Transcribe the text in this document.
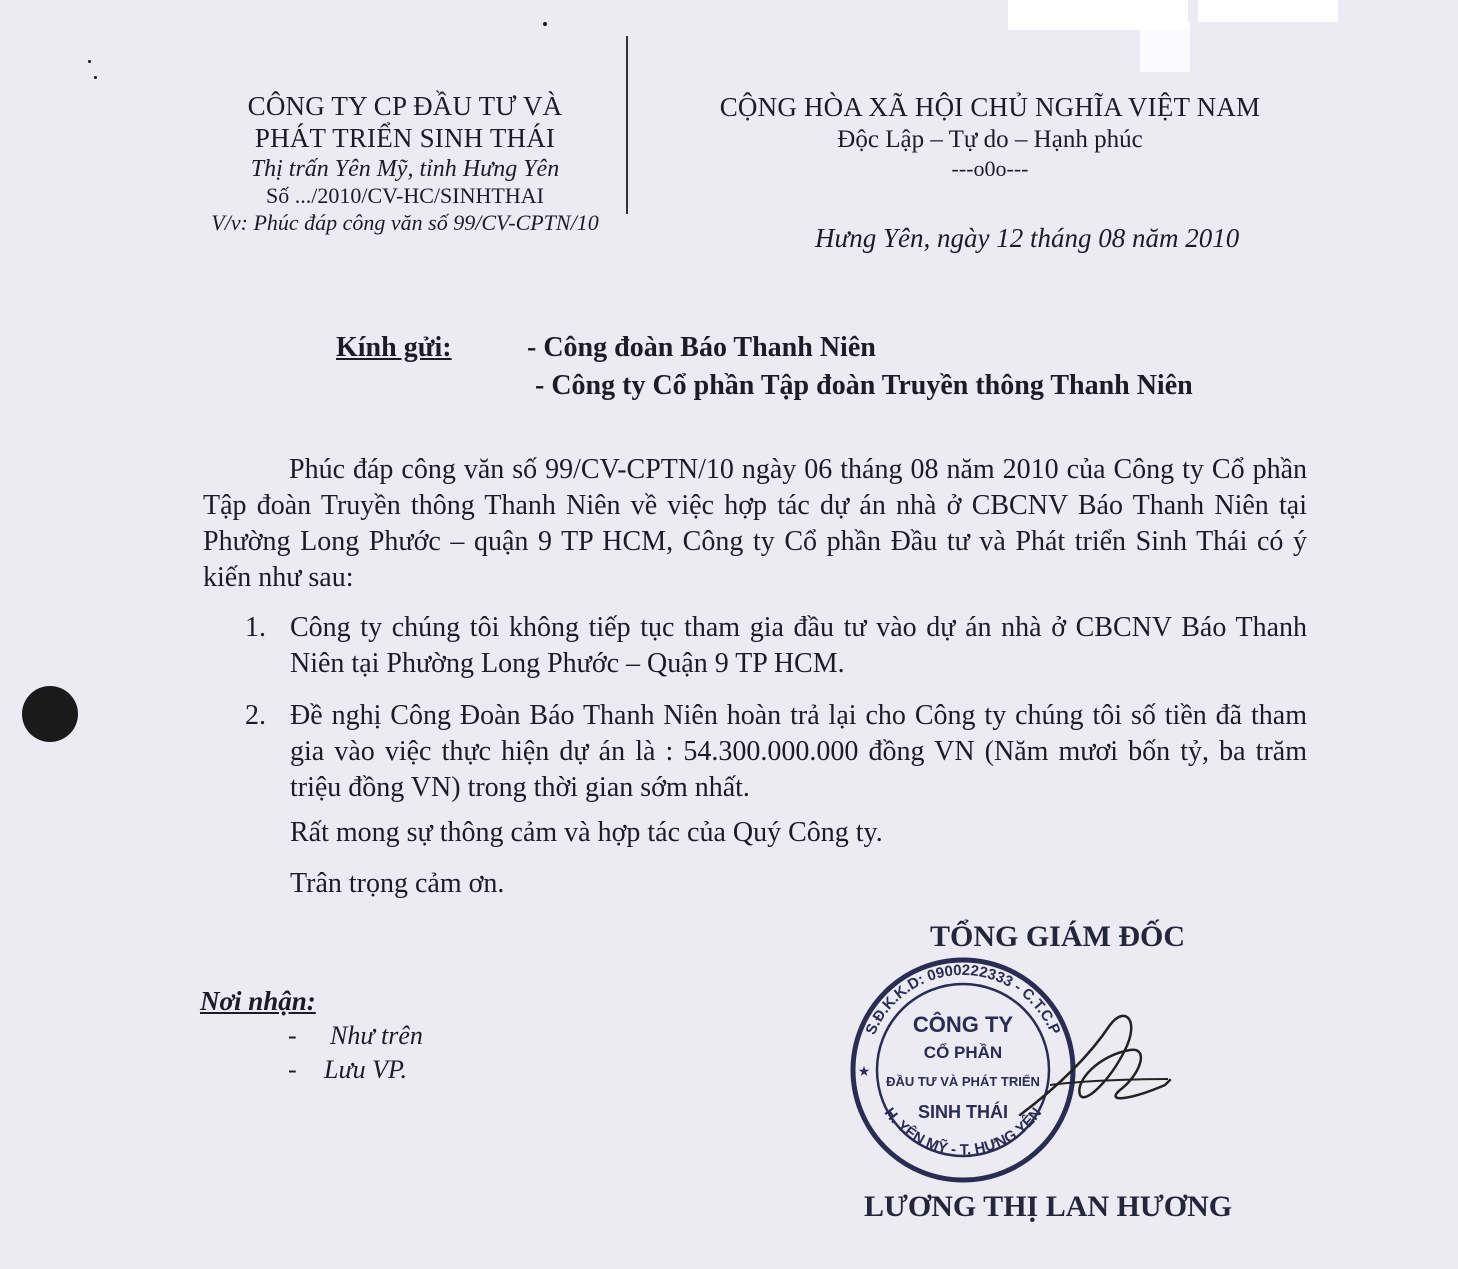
CÔNG TY CP ĐẦU TƯ VÀ
PHÁT TRIỂN SINH THÁI
Thị trấn Yên Mỹ, tỉnh Hưng Yên
Số .../2010/CV-HC/SINHTHAI
V/v: Phúc đáp công văn số 99/CV-CPTN/10
CỘNG HÒA XÃ HỘI CHỦ NGHĨA VIỆT NAM
Độc Lập – Tự do – Hạnh phúc
---o0o---
Hưng Yên, ngày 12 tháng 08 năm 2010
Kính gửi:	- Công đoàn Báo Thanh Niên
- Công ty Cổ phần Tập đoàn Truyền thông Thanh Niên
Phúc đáp công văn số 99/CV-CPTN/10 ngày 06 tháng 08 năm 2010 của Công ty Cổ phần Tập đoàn Truyền thông Thanh Niên về việc hợp tác dự án nhà ở CBCNV Báo Thanh Niên tại Phường Long Phước – quận 9 TP HCM, Công ty Cổ phần Đầu tư và Phát triển Sinh Thái có ý kiến như sau:
1. Công ty chúng tôi không tiếp tục tham gia đầu tư vào dự án nhà ở CBCNV Báo Thanh Niên tại Phường Long Phước – Quận 9 TP HCM.
2. Đề nghị Công Đoàn Báo Thanh Niên hoàn trả lại cho Công ty chúng tôi số tiền đã tham gia vào việc thực hiện dự án là : 54.300.000.000 đồng VN (Năm mươi bốn tỷ, ba trăm triệu đồng VN) trong thời gian sớm nhất.
Rất mong sự thông cảm và hợp tác của Quý Công ty.
Trân trọng cảm ơn.
Nơi nhận:
- Như trên
- Lưu VP.
TỔNG GIÁM ĐỐC
S.Đ.K.K.D: 0900222333 - C.T.C.P
H. YÊN MỸ - T. HƯNG YÊN
CÔNG TY
CỔ PHẦN
ĐẦU TƯ VÀ PHÁT TRIỂN
SINH THÁI
★
LƯƠNG THỊ LAN HƯƠNG
